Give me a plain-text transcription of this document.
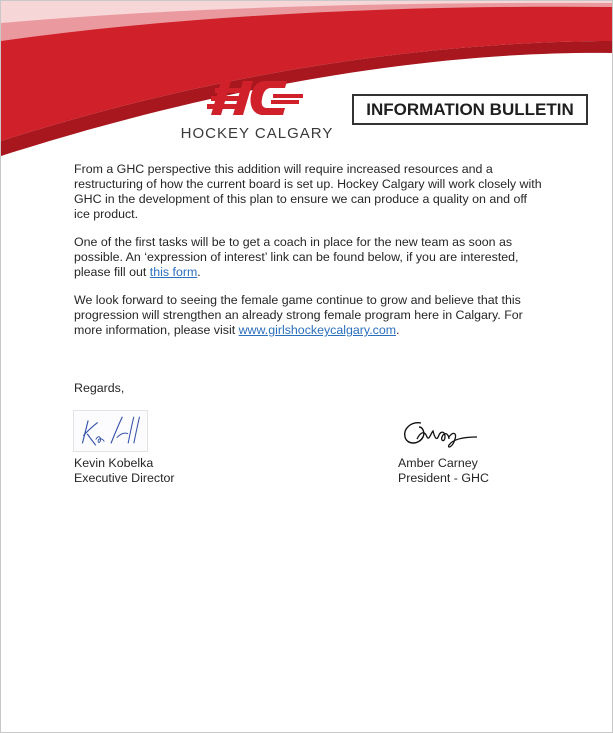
HOCKEY CALGARY
INFORMATION BULLETIN

From a GHC perspective this addition will require increased resources and a restructuring of how the current board is set up. Hockey Calgary will work closely with GHC in the development of this plan to ensure we can produce a quality on and off ice product.

One of the first tasks will be to get a coach in place for the new team as soon as possible. An ‘expression of interest’ link can be found below, if you are interested, please fill out this form.

We look forward to seeing the female game continue to grow and believe that this progression will strengthen an already strong female program here in Calgary. For more information, please visit www.girlshockeycalgary.com.

Regards,

Kevin Kobelka
Executive Director
Amber Carney
President - GHC
